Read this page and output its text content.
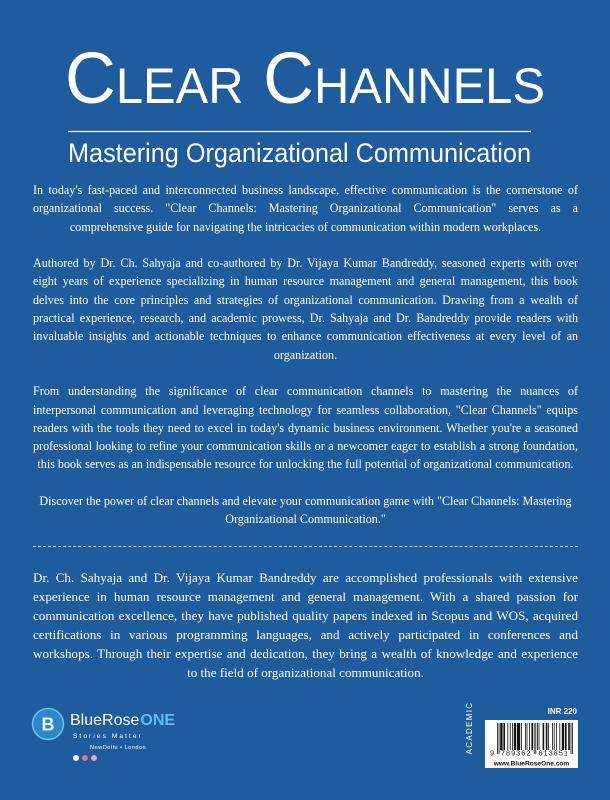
Clear Channels
Mastering Organizational Communication
In today's fast-paced and interconnected business landscape, effective communication is the cornerstone of
organizational success. "Clear Channels: Mastering Organizational Communication" serves as a
comprehensive guide for navigating the intricacies of communication within modern workplaces.
Authored by Dr. Ch. Sahyaja and co-authored by Dr. Vijaya Kumar Bandreddy, seasoned experts with over
eight years of experience specializing in human resource management and general management, this book
delves into the core principles and strategies of organizational communication. Drawing from a wealth of
practical experience, research, and academic prowess, Dr. Sahyaja and Dr. Bandreddy provide readers with
invaluable insights and actionable techniques to enhance communication effectiveness at every level of an
organization.
From understanding the significance of clear communication channels to mastering the nuances of
interpersonal communication and leveraging technology for seamless collaboration, "Clear Channels" equips
readers with the tools they need to excel in today's dynamic business environment. Whether you're a seasoned
professional looking to refine your communication skills or a newcomer eager to establish a strong foundation,
this book serves as an indispensable resource for unlocking the full potential of organizational communication.
Discover the power of clear channels and elevate your communication game with "Clear Channels: Mastering
Organizational Communication."
Dr. Ch. Sahyaja and Dr. Vijaya Kumar Bandreddy are accomplished professionals with extensive
experience in human resource management and general management. With a shared passion for
communication excellence, they have published quality papers indexed in Scopus and WOS, acquired
certifications in various programming languages, and actively participated in conferences and
workshops. Through their expertise and dedication, they bring a wealth of knowledge and experience
to the field of organizational communication.
B BlueRoseONE
Stories Matter
NewDelhi • London
INR 220
ACADEMIC 9 789362 613851
www.BlueRoseOne.com
